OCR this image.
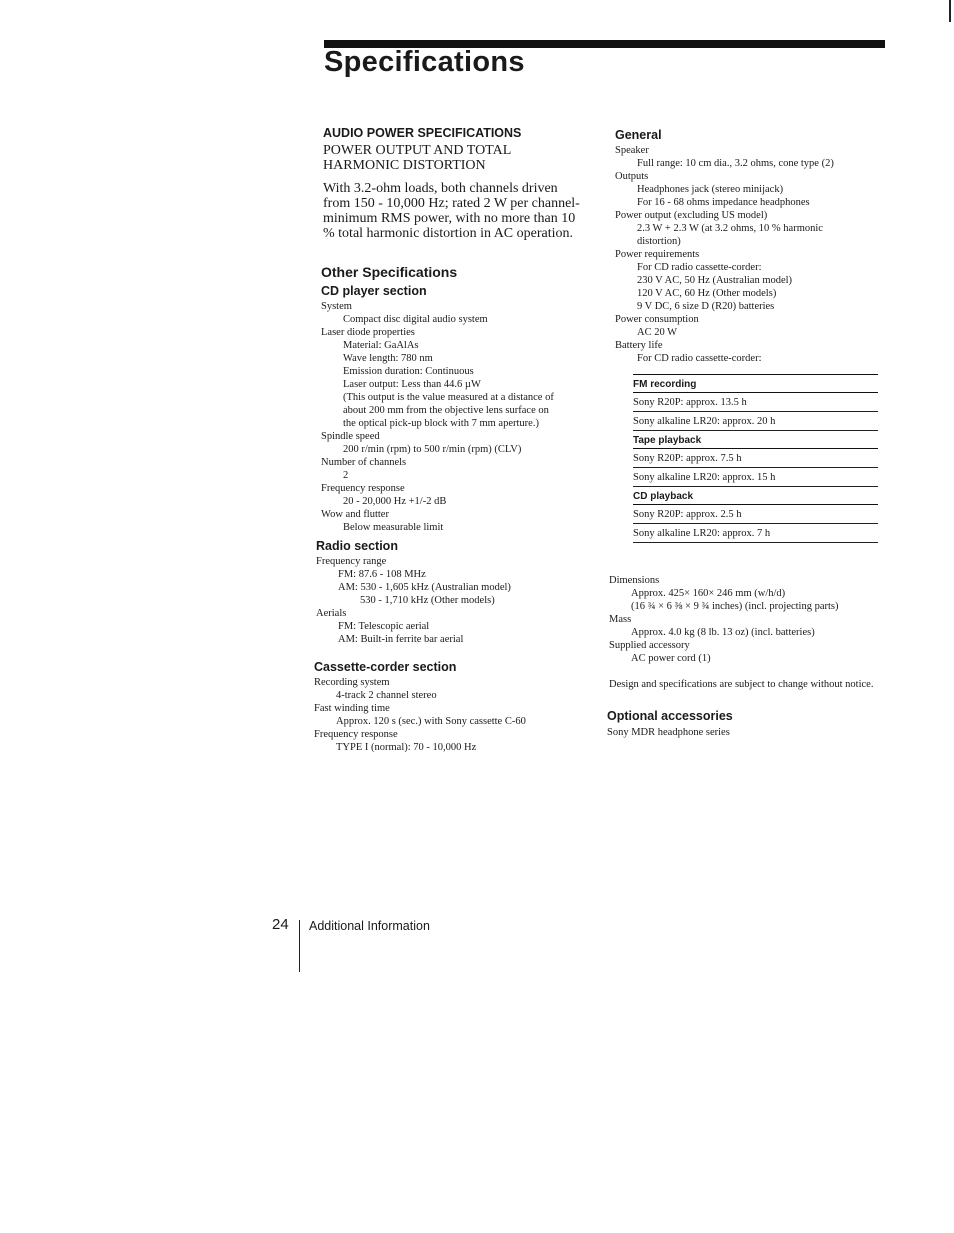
Specifications
AUDIO POWER SPECIFICATIONS
POWER OUTPUT AND TOTAL
HARMONIC DISTORTION
With 3.2-ohm loads, both channels driven from 150 - 10,000 Hz; rated 2 W per channel-minimum RMS power, with no more than 10 % total harmonic distortion in AC operation.
Other Specifications
CD player section
System
Compact disc digital audio system
Laser diode properties
Material: GaAlAs
Wave length: 780 nm
Emission duration: Continuous
Laser output: Less than 44.6 µW
(This output is the value measured at a distance of
about 200 mm from the objective lens surface on
the optical pick-up block with 7 mm aperture.)
Spindle speed
200 r/min (rpm) to 500 r/min (rpm) (CLV)
Number of channels
2
Frequency response
20 - 20,000 Hz +1/-2 dB
Wow and flutter
Below measurable limit
Radio section
Frequency range
FM: 87.6 - 108 MHz
AM: 530 - 1,605 kHz (Australian model)
530 - 1,710 kHz (Other models)
Aerials
FM: Telescopic aerial
AM: Built-in ferrite bar aerial
Cassette-corder section
Recording system
4-track 2 channel stereo
Fast winding time
Approx. 120 s (sec.) with Sony cassette C-60
Frequency response
TYPE I (normal): 70 - 10,000 Hz
General
Speaker
Full range: 10 cm dia., 3.2 ohms, cone type (2)
Outputs
Headphones jack (stereo minijack)
For 16 - 68 ohms impedance headphones
Power output (excluding US model)
2.3 W + 2.3 W (at 3.2 ohms, 10 % harmonic
distortion)
Power requirements
For CD radio cassette-corder:
230 V AC, 50 Hz (Australian model)
120 V AC, 60 Hz (Other models)
9 V DC, 6 size D (R20) batteries
Power consumption
AC 20 W
Battery life
For CD radio cassette-corder:
FM recording
Sony R20P: approx. 13.5 h
Sony alkaline LR20: approx. 20 h
Tape playback
Sony R20P: approx. 7.5 h
Sony alkaline LR20: approx. 15 h
CD playback
Sony R20P: approx. 2.5 h
Sony alkaline LR20: approx. 7 h
Dimensions
Approx. 425× 160× 246 mm (w/h/d)
(16 ¾ × 6 ⅜ × 9 ¾ inches) (incl. projecting parts)
Mass
Approx. 4.0 kg (8 lb. 13 oz) (incl. batteries)
Supplied accessory
AC power cord (1)
Design and specifications are subject to change without notice.
Optional accessories
Sony MDR headphone series
24 Additional Information
